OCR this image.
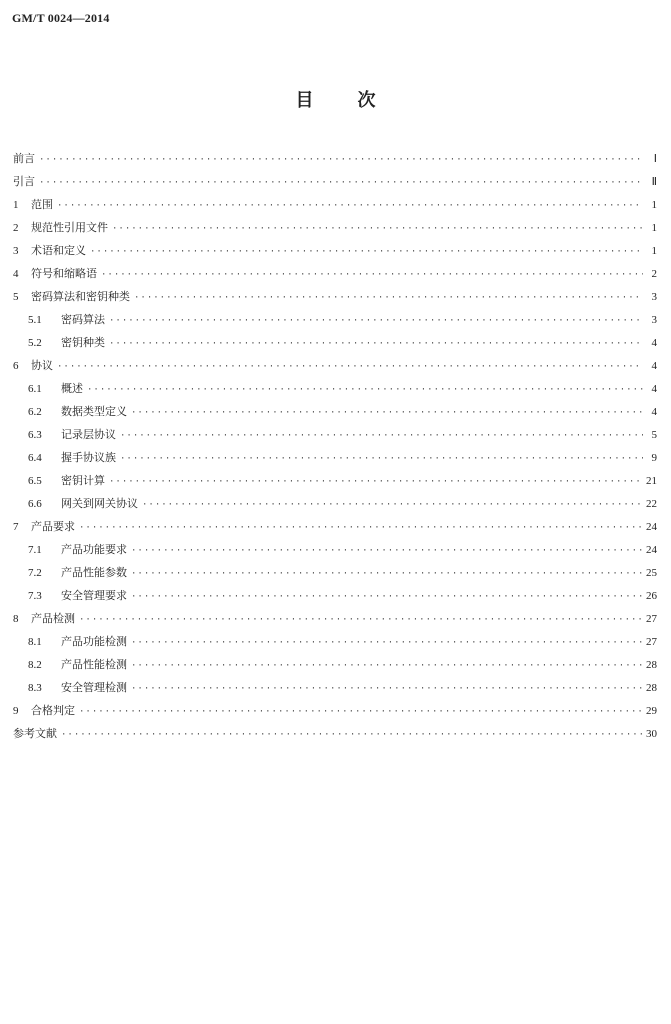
GM/T 0024—2014
目次
前言 ·····	Ⅰ
引言 ·····	Ⅱ
1	范围 ·····	1
2	规范性引用文件 ·····	1
3	术语和定义 ·····	1
4	符号和缩略语 ·····	2
5	密码算法和密钥种类 ·····	3
5.1	密码算法 ·····	3
5.2	密钥种类 ·····	4
6	协议 ·····	4
6.1	概述 ·····	4
6.2	数据类型定义 ·····	4
6.3	记录层协议 ·····	5
6.4	握手协议族 ·····	9
6.5	密钥计算 ·····	21
6.6	网关到网关协议 ·····	22
7	产品要求 ·····	24
7.1	产品功能要求 ·····	24
7.2	产品性能参数 ·····	25
7.3	安全管理要求 ·····	26
8	产品检测 ·····	27
8.1	产品功能检测 ·····	27
8.2	产品性能检测 ·····	28
8.3	安全管理检测 ·····	28
9	合格判定 ·····	29
参考文献 ·····	30
